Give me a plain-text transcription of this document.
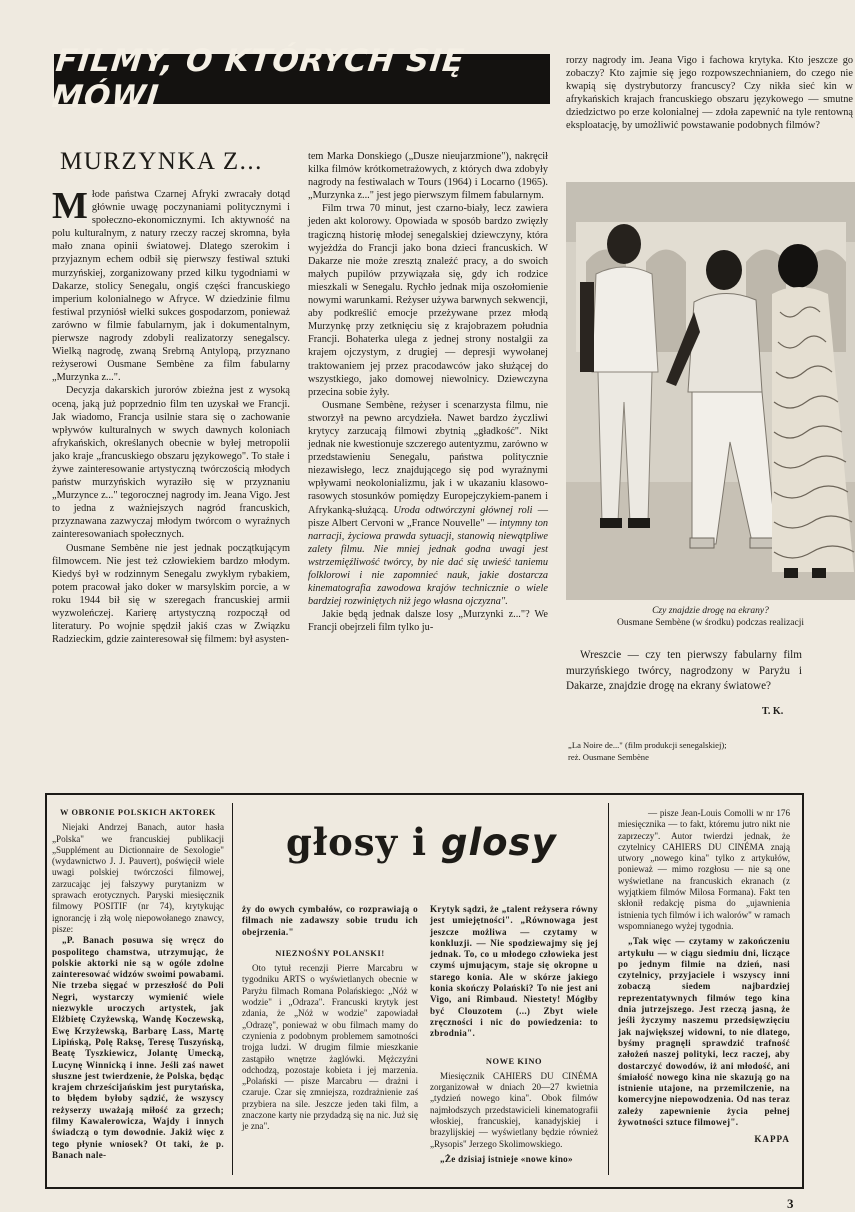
FILMY, O KTÓRYCH SIĘ MÓWI
MURZYNKA Z...

Młode państwa Czarnej Afryki zwracały dotąd głównie uwagę poczynaniami politycznymi i społeczno-ekonomicznymi. Ich aktywność na polu kulturalnym, z natury rzeczy raczej skromna, była mało znana opinii światowej. Dlatego szerokim i przyjaznym echem odbił się pierwszy festiwal sztuki murzyńskiej, zorganizowany przed kilku tygodniami w Dakarze, stolicy Senegalu, ongiś części francuskiego imperium kolonialnego w Afryce. W dziedzinie filmu festiwal przyniósł wielki sukces gospodarzom, ponieważ zarówno w filmie fabularnym, jak i dokumentalnym, pierwsze nagrody zdobyli realizatorzy senegalscy. Wielką nagrodę, zwaną Srebrną Antylopą, przyznano reżyserowi Ousmane Sembène za film fabularny „Murzynka z...".

Decyzja dakarskich jurorów zbieżna jest z wysoką oceną, jaką już poprzednio film ten uzyskał we Francji. Jak wiadomo, Francja usilnie stara się o zachowanie wpływów kulturalnych w swych dawnych koloniach afrykańskich, określanych obecnie w byłej metropolii jako kraje „francuskiego obszaru językowego". To stałe i żywe zainteresowanie artystyczną twórczością młodych państw murzyńskich wyraziło się w przyznaniu „Murzynce z..." tegorocznej nagrody im. Jeana Vigo. Jest to jedna z ważniejszych nagród francuskich, przyznawana zazwyczaj młodym twórcom o wyraźnych zainteresowaniach społecznych.

Ousmane Sembène nie jest jednak początkującym filmowcem. Nie jest też człowiekiem bardzo młodym. Kiedyś był w rodzinnym Senegalu zwykłym rybakiem, potem pracował jako doker w marsylskim porcie, a w roku 1944 bił się w szeregach francuskiej armii wyzwoleńczej. Karierę artystyczną rozpoczął od literatury. Po wojnie spędził jakiś czas w Związku Radzieckim, gdzie zainteresował się filmem: był asysten-

tem Marka Donskiego („Dusze nieujarzmione"), nakręcił kilka filmów krótkometrażowych, z których dwa zdobyły nagrody na festiwalach w Tours (1964) i Locarno (1965). „Murzynka z..." jest jego pierwszym filmem fabularnym.

Film trwa 70 minut, jest czarno-biały, lecz zawiera jeden akt kolorowy. Opowiada w sposób bardzo zwięzły tragiczną historię młodej senegalskiej dziewczyny, która wyjeżdża do Francji jako bona dzieci francuskich. W Dakarze nie może zresztą znaleźć pracy, a do swoich małych pupilów przywiązała się, gdy ich rodzice mieszkali w Senegalu. Rychło jednak mija oszołomienie nowymi warunkami. Reżyser używa barwnych sekwencji, aby podkreślić emocje przeżywane przez młodą Murzynkę przy zetknięciu się z krajobrazem południa Francji. Bohaterka ulega z jednej strony nostalgii za krajem ojczystym, z drugiej — depresji wywołanej traktowaniem jej przez pracodawców jako służącej do wszystkiego, jako domowej niewolnicy. Dziewczyna przecina sobie żyły.

Ousmane Sembène, reżyser i scenarzysta filmu, nie stworzył na pewno arcydzieła. Nawet bardzo życzliwi krytycy zarzucają filmowi zbytnią „gładkość". Nikt jednak nie kwestionuje szczerego autentyzmu, zarówno w przedstawieniu Senegalu, państwa politycznie niezawisłego, lecz znajdującego się pod wyraźnymi wpływami neokolonializmu, jak i w ukazaniu klasowo-rasowych stosunków pomiędzy Europejczykiem-panem i Afrykanką-służącą. Uroda odtwórczyni głównej roli — pisze Albert Cervoni w „France Nouvelle" — intymny ton narracji, życiowa prawda sytuacji, stanowią niewątpliwe zalety filmu. Nie mniej jednak godna uwagi jest wstrzemięźliwość twórcy, by nie dać się uwieść taniemu folklorowi i nie zapomnieć nauk, jakie dostarcza kinematografia zawodowa krajów technicznie o wiele bardziej rozwiniętych niż jego własna ojczyzna".

Jakie będą jednak dalsze losy „Murzynki z..."? We Francji obejrzeli film tylko ju-

rorzy nagrody im. Jeana Vigo i fachowa krytyka. Kto jeszcze go zobaczy? Kto zajmie się jego rozpowszechnianiem, do czego nie kwapią się dystrybutorzy francuscy? Czy nikła sieć kin w afrykańskich krajach francuskiego obszaru językowego — smutne dziedzictwo po erze kolonialnej — zdoła zapewnić na tyle rentowną eksploatację, by umożliwić powstawanie podobnych filmów?

Czy znajdzie drogę na ekrany?
Ousmane Sembène (w środku) podczas realizacji

Wreszcie — czy ten pierwszy fabularny film murzyńskiego twórcy, nagrodzony w Paryżu i Dakarze, znajdzie drogę na ekrany światowe?

T. K.
„La Noire de..." (film produkcji senegalskiej);
reż. Ousmane Sembène
głosy i glosy
W OBRONIE POLSKICH AKTOREK

Niejaki Andrzej Banach, autor hasła „Polska" we francuskiej publikacji „Supplément au Dictionnaire de Sexologie" (wydawnictwo J. J. Pauvert), poświęcił wiele uwagi polskiej twórczości filmowej, zarzucając jej fałszywy purytanizm w sprawach erotycznych. Paryski miesięcznik filmowy POSITIF (nr 74), krytykując ignorancję i złą wolę niepowołanego znawcy, pisze:

„P. Banach posuwa się wręcz do pospolitego chamstwa, utrzymując, że polskie aktorki nie są w ogóle zdolne zainteresować widzów swoimi powabami. Nie trzeba sięgać w przeszłość do Poli Negri, wystarczy wymienić wiele niezwykle uroczych artystek, jak Elżbietę Czyżewską, Wandę Koczewską, Ewę Krzyżewską, Barbarę Lass, Martę Lipińską, Polę Raksę, Teresę Tuszyńską, Beatę Tyszkiewicz, Jolantę Umecką, Lucynę Winnicką i inne. Jeśli zaś nawet słuszne jest twierdzenie, że Polska, będąc krajem chrześcijańskim jest purytańska, to błędem byłoby sądzić, że wszyscy reżyserzy uważają miłość za grzech; filmy Kawalerowicza, Wajdy i innych świadczą o tym dowodnie. Jakiż więc z tego płynie wniosek? Ot taki, że p. Banach nale-

ży do owych cymbałów, co rozprawiają o filmach nie zadawszy sobie trudu ich obejrzenia."

NIEZNOŚNY POLANSKI!

Oto tytuł recenzji Pierre Marcabru w tygodniku ARTS o wyświetlanych obecnie w Paryżu filmach Romana Polańskiego: „Nóż w wodzie" i „Odraza". Francuski krytyk jest zdania, że „Nóż w wodzie" zapowiadał „Odrazę", ponieważ w obu filmach mamy do czynienia z podobnym problemem samotności trojga ludzi. W drugim filmie mieszkanie zastąpiło wnętrze żaglówki. Mężczyźni odchodzą, pozostaje kobieta i jej marzenia. „Polański — pisze Marcabru — drażni i czaruje. Czar się zmniejsza, rozdrażnienie zaś przybiera na sile. Jeszcze jeden taki film, a znaczone karty nie przydadzą się na nic. Już się je zna".

Krytyk sądzi, że „talent reżysera równy jest umiejętności". „Równowaga jest jeszcze możliwa — czytamy w konkluzji. — Nie spodziewajmy się jej jednak. To, co u młodego człowieka jest czymś ujmującym, staje się okropne u starego konia. Ale w skórze jakiego konia skończy Polański? To nie jest ani Vigo, ani Rimbaud. Niestety! Mógłby być Clouzotem (...) Zbyt wiele zręczności i nic do powiedzenia: to zbrodnia".

NOWE KINO

Miesięcznik CAHIERS DU CINÉMA zorganizował w dniach 20—27 kwietnia „tydzień nowego kina". Obok filmów najmłodszych przedstawicieli kinematografii włoskiej, francuskiej, kanadyjskiej i brazylijskiej — wyświetlany będzie również „Rysopis" Jerzego Skolimowskiego.

„Że dzisiaj istnieje «nowe kino»

— pisze Jean-Louis Comolli w nr 176 miesięcznika — to fakt, któremu jutro nikt nie zaprzeczy". Autor twierdzi jednak, że czytelnicy CAHIERS DU CINÉMA znają utwory „nowego kina" tylko z artykułów, ponieważ — mimo rozgłosu — nie są one wyświetlane na francuskich ekranach (z wyjątkiem filmów Milosa Formana). Fakt ten skłonił redakcję pisma do „ujawnienia istnienia tych filmów i ich walorów" w ramach wspomnianego wyżej tygodnia.

„Tak więc — czytamy w zakończeniu artykułu — w ciągu siedmiu dni, liczące po jednym filmie na dzień, nasi czytelnicy, przyjaciele i wszyscy inni zobaczą siedem najbardziej reprezentatywnych filmów tego kina dnia jutrzejszego. Jest rzeczą jasną, że jeśli życzymy naszemu przedsięwzięciu jak największej widowni, to nie dlatego, byśmy pragnęli sprawdzić trafność założeń naszej polityki, lecz raczej, aby dostarczyć dowodów, iż ani młodość, ani śmiałość nowego kina nie skazują go na istnienie utajone, na przemilczenie, na komercyjne niepowodzenia. Od nas teraz zależy zapewnienie życia pełnej żywotności sztuce filmowej".

KAPPA
3
